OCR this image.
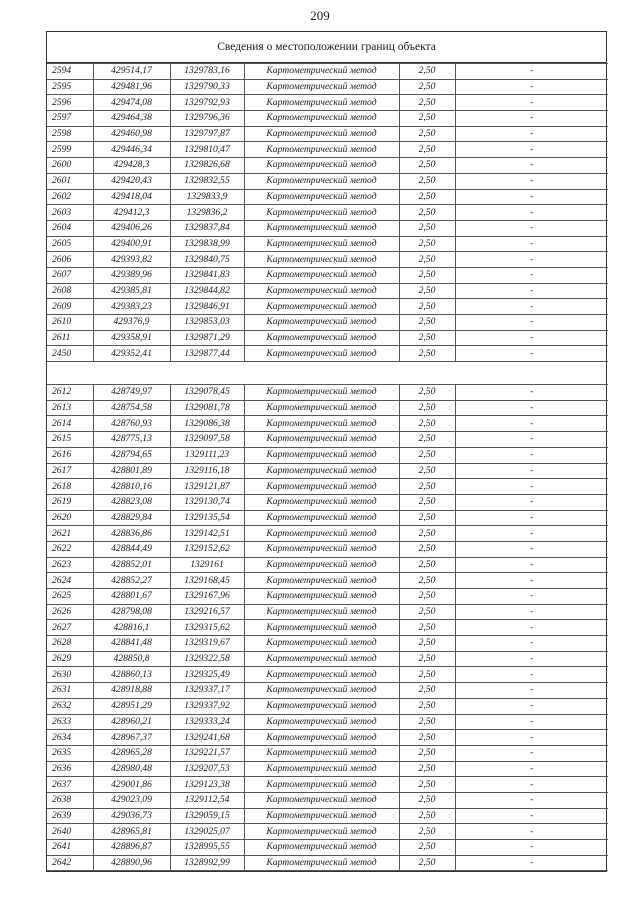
209
Сведения о местоположении границ объекта
2594	429514,17	1329783,16	Картометрический метод	2,50	-
2595	429481,96	1329790,33	Картометрический метод	2,50	-
2596	429474,08	1329792,93	Картометрический метод	2,50	-
2597	429464,38	1329796,36	Картометрический метод	2,50	-
2598	429460,98	1329797,87	Картометрический метод	2,50	-
2599	429446,34	1329810,47	Картометрический метод	2,50	-
2600	429428,3	1329826,68	Картометрический метод	2,50	-
2601	429420,43	1329832,55	Картометрический метод	2,50	-
2602	429418,04	1329833,9	Картометрический метод	2,50	-
2603	429412,3	1329836,2	Картометрический метод	2,50	-
2604	429406,26	1329837,84	Картометрический метод	2,50	-
2605	429400,91	1329838,99	Картометрический метод	2,50	-
2606	429393,82	1329840,75	Картометрический метод	2,50	-
2607	429389,96	1329841,83	Картометрический метод	2,50	-
2608	429385,81	1329844,82	Картометрический метод	2,50	-
2609	429383,23	1329846,91	Картометрический метод	2,50	-
2610	429376,9	1329853,03	Картометрический метод	2,50	-
2611	429358,91	1329871,29	Картометрический метод	2,50	-
2450	429352,41	1329877,44	Картометрический метод	2,50	-

2612	428749,97	1329078,45	Картометрический метод	2,50	-
2613	428754,58	1329081,78	Картометрический метод	2,50	-
2614	428760,93	1329086,38	Картометрический метод	2,50	-
2615	428775,13	1329097,58	Картометрический метод	2,50	-
2616	428794,65	1329111,23	Картометрический метод	2,50	-
2617	428801,89	1329116,18	Картометрический метод	2,50	-
2618	428810,16	1329121,87	Картометрический метод	2,50	-
2619	428823,08	1329130,74	Картометрический метод	2,50	-
2620	428829,84	1329135,54	Картометрический метод	2,50	-
2621	428836,86	1329142,51	Картометрический метод	2,50	-
2622	428844,49	1329152,62	Картометрический метод	2,50	-
2623	428852,01	1329161	Картометрический метод	2,50	-
2624	428852,27	1329168,45	Картометрический метод	2,50	-
2625	428801,67	1329167,96	Картометрический метод	2,50	-
2626	428798,08	1329216,57	Картометрический метод	2,50	-
2627	428816,1	1329315,62	Картометрический метод	2,50	-
2628	428841,48	1329319,67	Картометрический метод	2,50	-
2629	428850,8	1329322,58	Картометрический метод	2,50	-
2630	428860,13	1329325,49	Картометрический метод	2,50	-
2631	428918,88	1329337,17	Картометрический метод	2,50	-
2632	428951,29	1329337,92	Картометрический метод	2,50	-
2633	428960,21	1329333,24	Картометрический метод	2,50	-
2634	428967,37	1329241,68	Картометрический метод	2,50	-
2635	428965,28	1329221,57	Картометрический метод	2,50	-
2636	428980,48	1329207,53	Картометрический метод	2,50	-
2637	429001,86	1329123,38	Картометрический метод	2,50	-
2638	429023,09	1329112,54	Картометрический метод	2,50	-
2639	429036,73	1329059,15	Картометрический метод	2,50	-
2640	428965,81	1329025,07	Картометрический метод	2,50	-
2641	428896,87	1328995,55	Картометрический метод	2,50	-
2642	428890,96	1328992,99	Картометрический метод	2,50	-
